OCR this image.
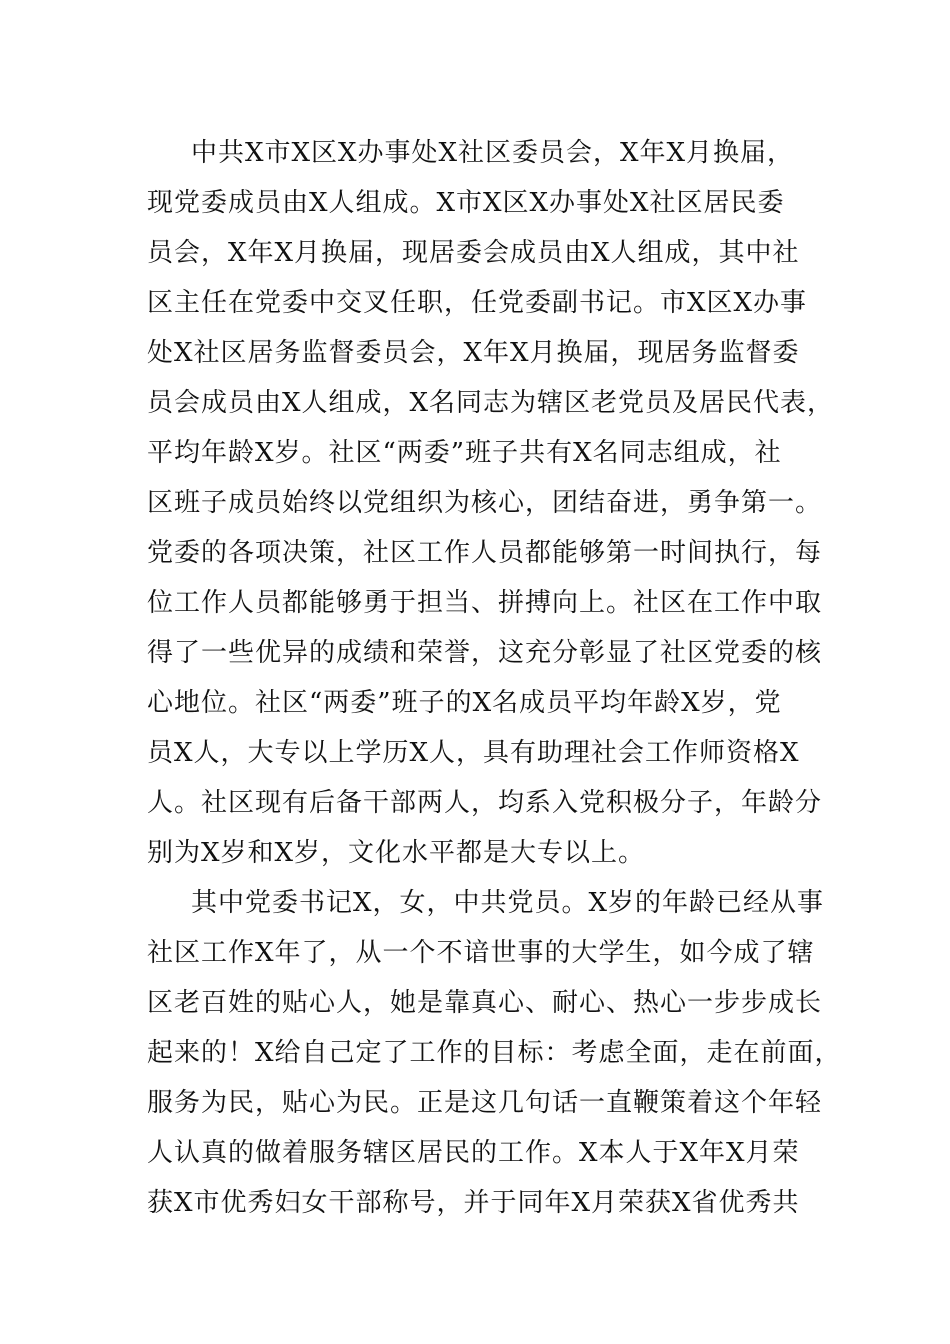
中共X市X区X办事处X社区委员会，X年X月换届，
现党委成员由X人组成。X市X区X办事处X社区居民委
员会，X年X月换届，现居委会成员由X人组成，其中社
区主任在党委中交叉任职，任党委副书记。市X区X办事
处X社区居务监督委员会，X年X月换届，现居务监督委
员会成员由X人组成，X名同志为辖区老党员及居民代表，
平均年龄X岁。社区“两委”班子共有X名同志组成，社
区班子成员始终以党组织为核心，团结奋进，勇争第一。
党委的各项决策，社区工作人员都能够第一时间执行，每
位工作人员都能够勇于担当、拼搏向上。社区在工作中取
得了一些优异的成绩和荣誉，这充分彰显了社区党委的核
心地位。社区“两委”班子的X名成员平均年龄X岁，党
员X人，大专以上学历X人，具有助理社会工作师资格X
人。社区现有后备干部两人，均系入党积极分子，年龄分
别为X岁和X岁，文化水平都是大专以上。
其中党委书记X，女，中共党员。X岁的年龄已经从事
社区工作X年了，从一个不谙世事的大学生，如今成了辖
区老百姓的贴心人，她是靠真心、耐心、热心一步步成长
起来的！X给自己定了工作的目标：考虑全面，走在前面，
服务为民，贴心为民。正是这几句话一直鞭策着这个年轻
人认真的做着服务辖区居民的工作。X本人于X年X月荣
获X市优秀妇女干部称号，并于同年X月荣获X省优秀共
